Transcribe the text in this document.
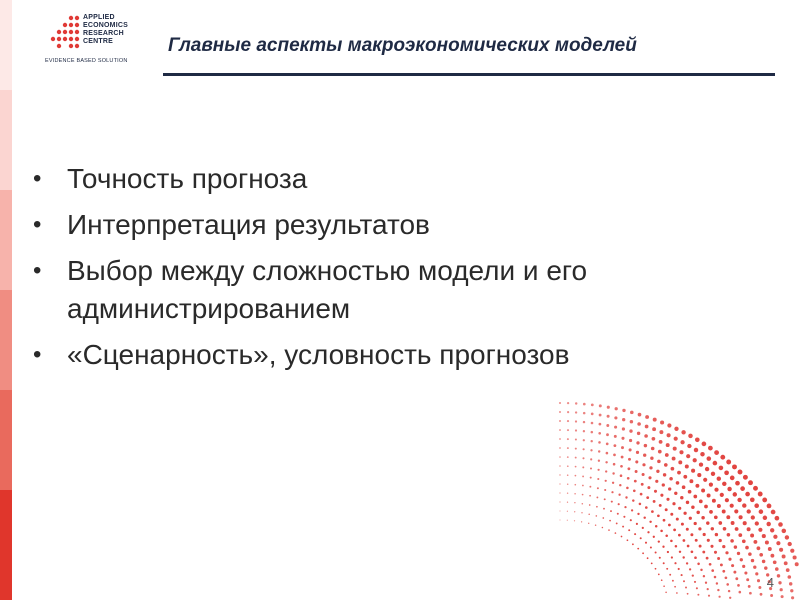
APPLIED
ECONOMICS
RESEARCH
CENTRE
EVIDENCE BASED SOLUTION
Главные аспекты макроэкономических моделей
• Точность прогноза
• Интерпретация результатов
• Выбор между сложностью модели и его администрированием
• «Сценарность», условность прогнозов
4
